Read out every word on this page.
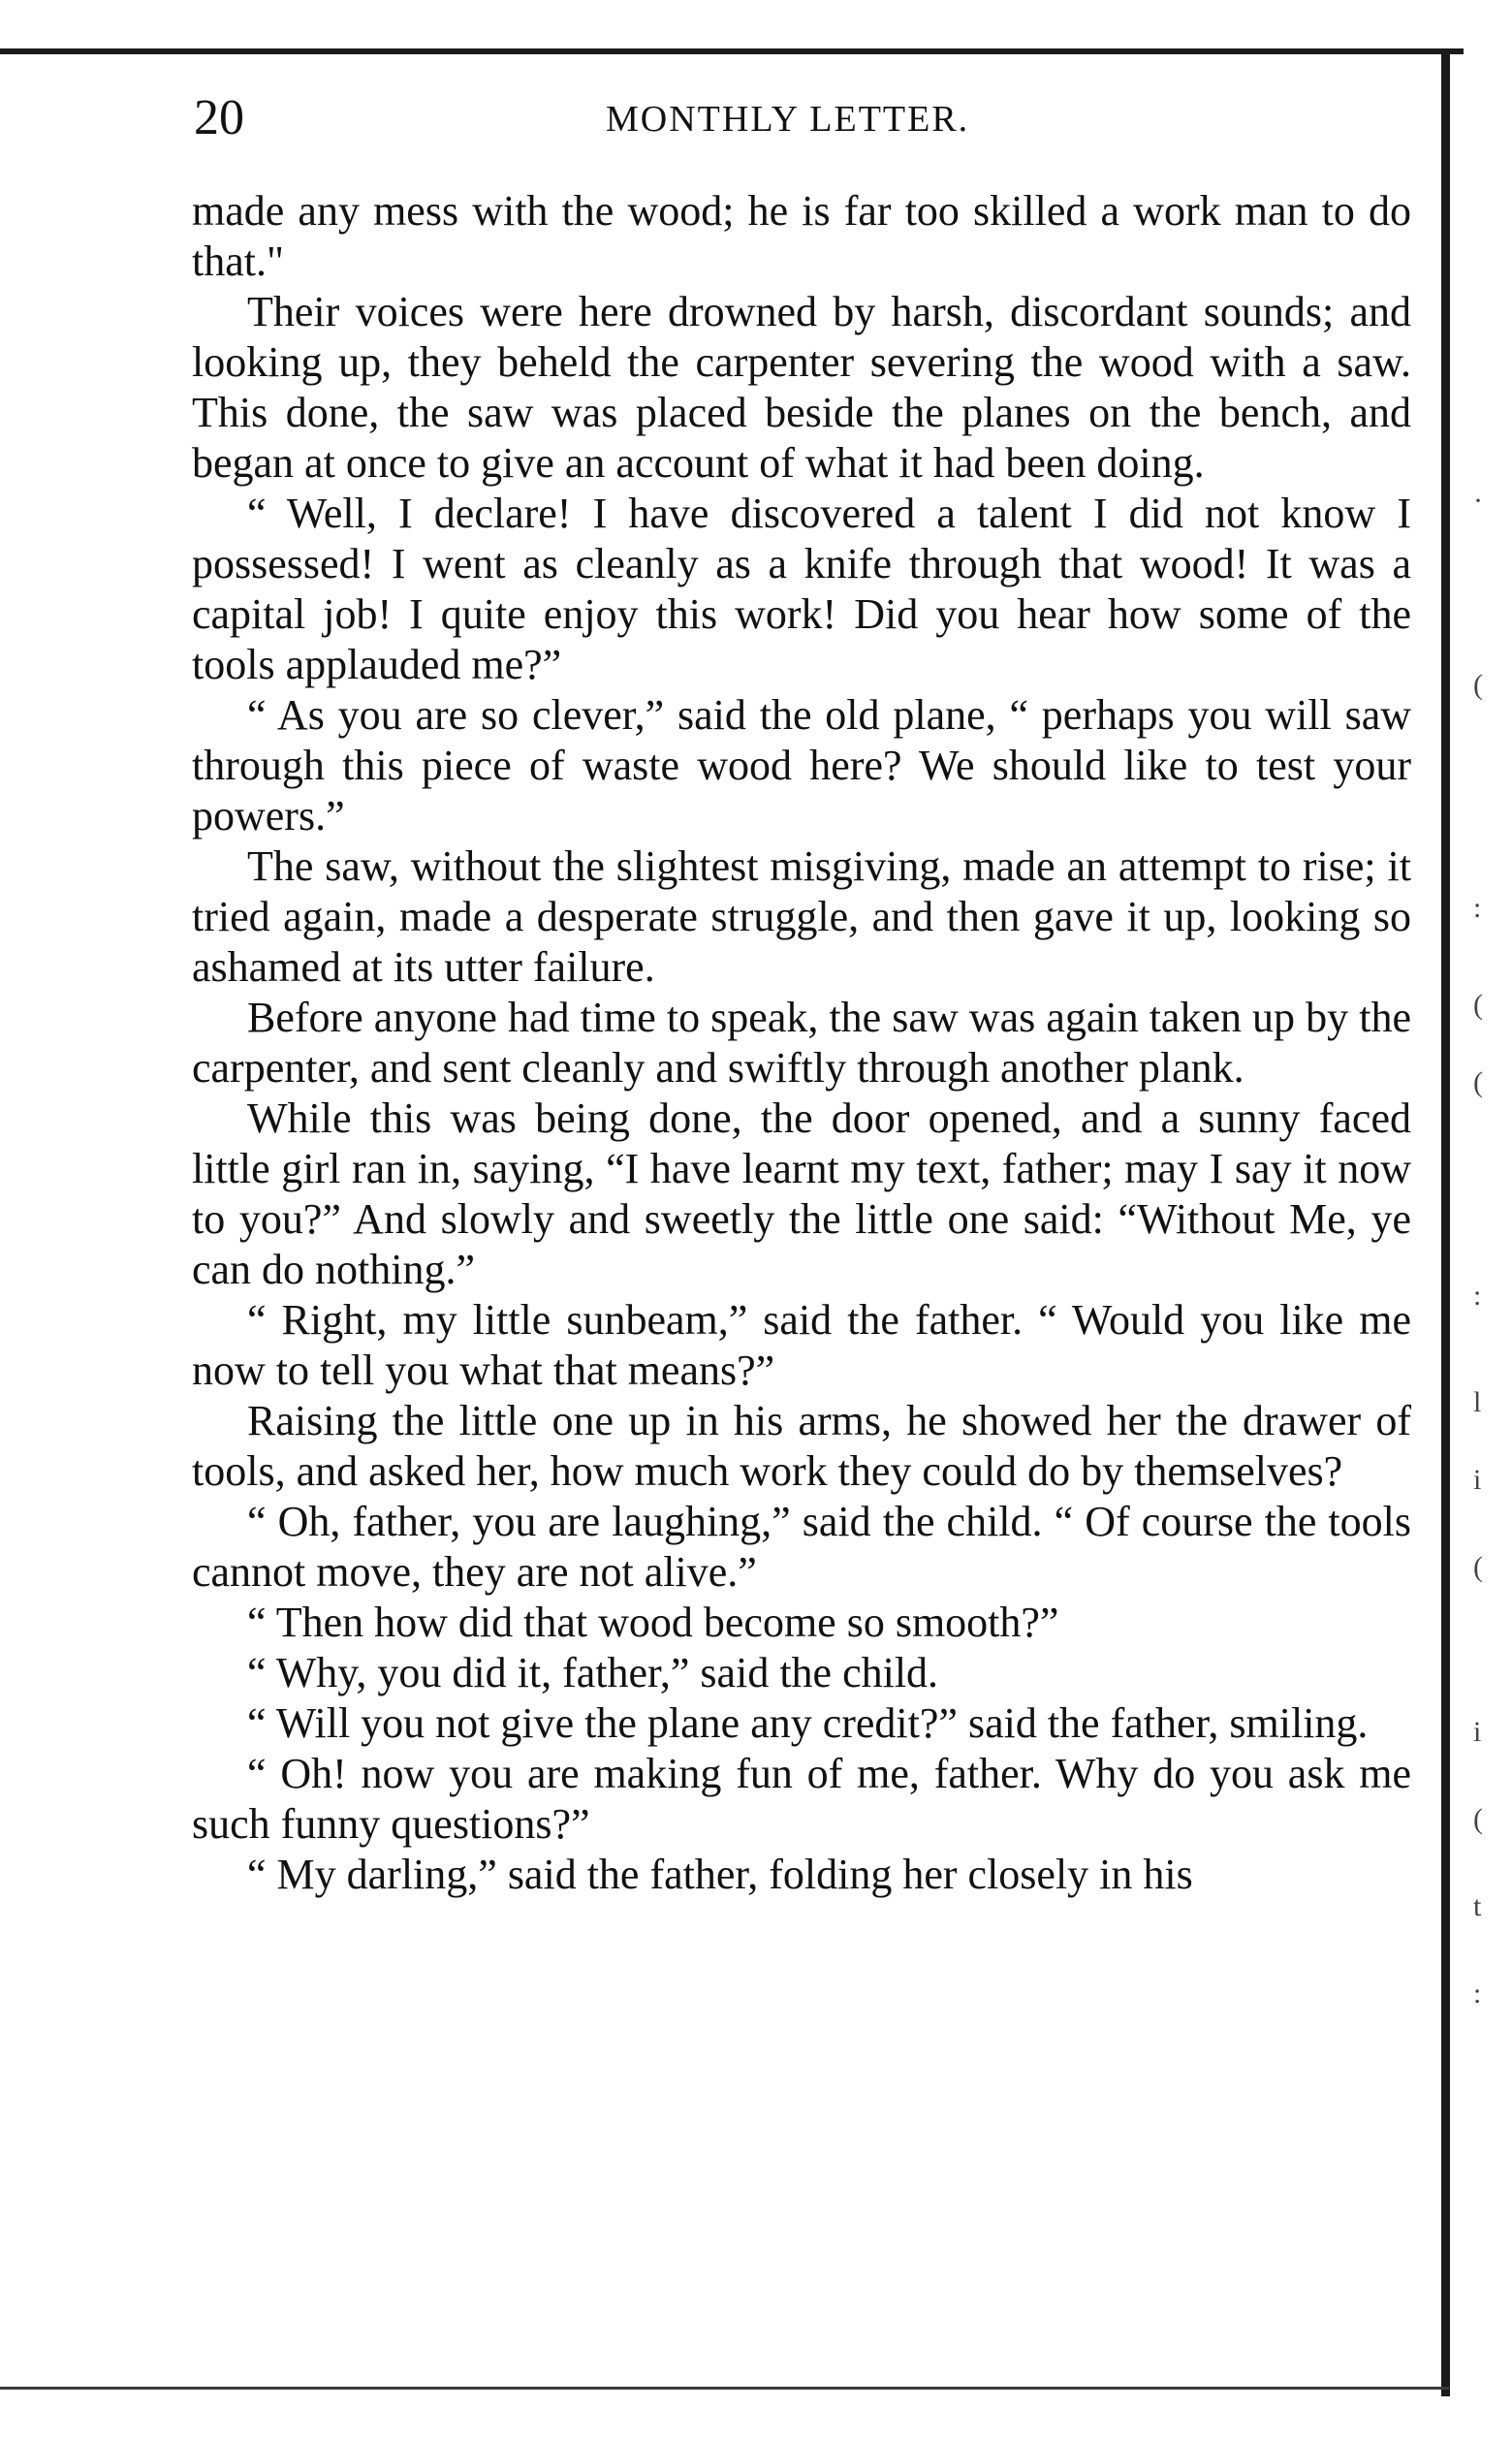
20	MONTHLY LETTER.

made any mess with the wood; he is far too skilled a work man to do that."

Their voices were here drowned by harsh, discordant sounds; and looking up, they beheld the carpenter severing the wood with a saw. This done, the saw was placed beside the planes on the bench, and began at once to give an account of what it had been doing.

“ Well, I declare! I have discovered a talent I did not know I possessed! I went as cleanly as a knife through that wood! It was a capital job! I quite enjoy this work! Did you hear how some of the tools applauded me?”

“ As you are so clever,” said the old plane, “ perhaps you will saw through this piece of waste wood here? We should like to test your powers.”

The saw, without the slightest misgiving, made an attempt to rise; it tried again, made a desperate struggle, and then gave it up, looking so ashamed at its utter failure.

Before anyone had time to speak, the saw was again taken up by the carpenter, and sent cleanly and swiftly through another plank.

While this was being done, the door opened, and a sunny faced little girl ran in, saying, “I have learnt my text, father; may I say it now to you?” And slowly and sweetly the little one said: “Without Me, ye can do nothing.”

“ Right, my little sunbeam,” said the father. “ Would you like me now to tell you what that means?”

Raising the little one up in his arms, he showed her the drawer of tools, and asked her, how much work they could do by themselves?

“ Oh, father, you are laughing,” said the child. “ Of course the tools cannot move, they are not alive.”

“ Then how did that wood become so smooth?”

“ Why, you did it, father,” said the child.

“ Will you not give the plane any credit?” said the father, smiling.

“ Oh! now you are making fun of me, father. Why do you ask me such funny questions?”

“ My darling,” said the father, folding her closely in his

·
(
:
(
(
:
l
i
(
i
(
t
:
